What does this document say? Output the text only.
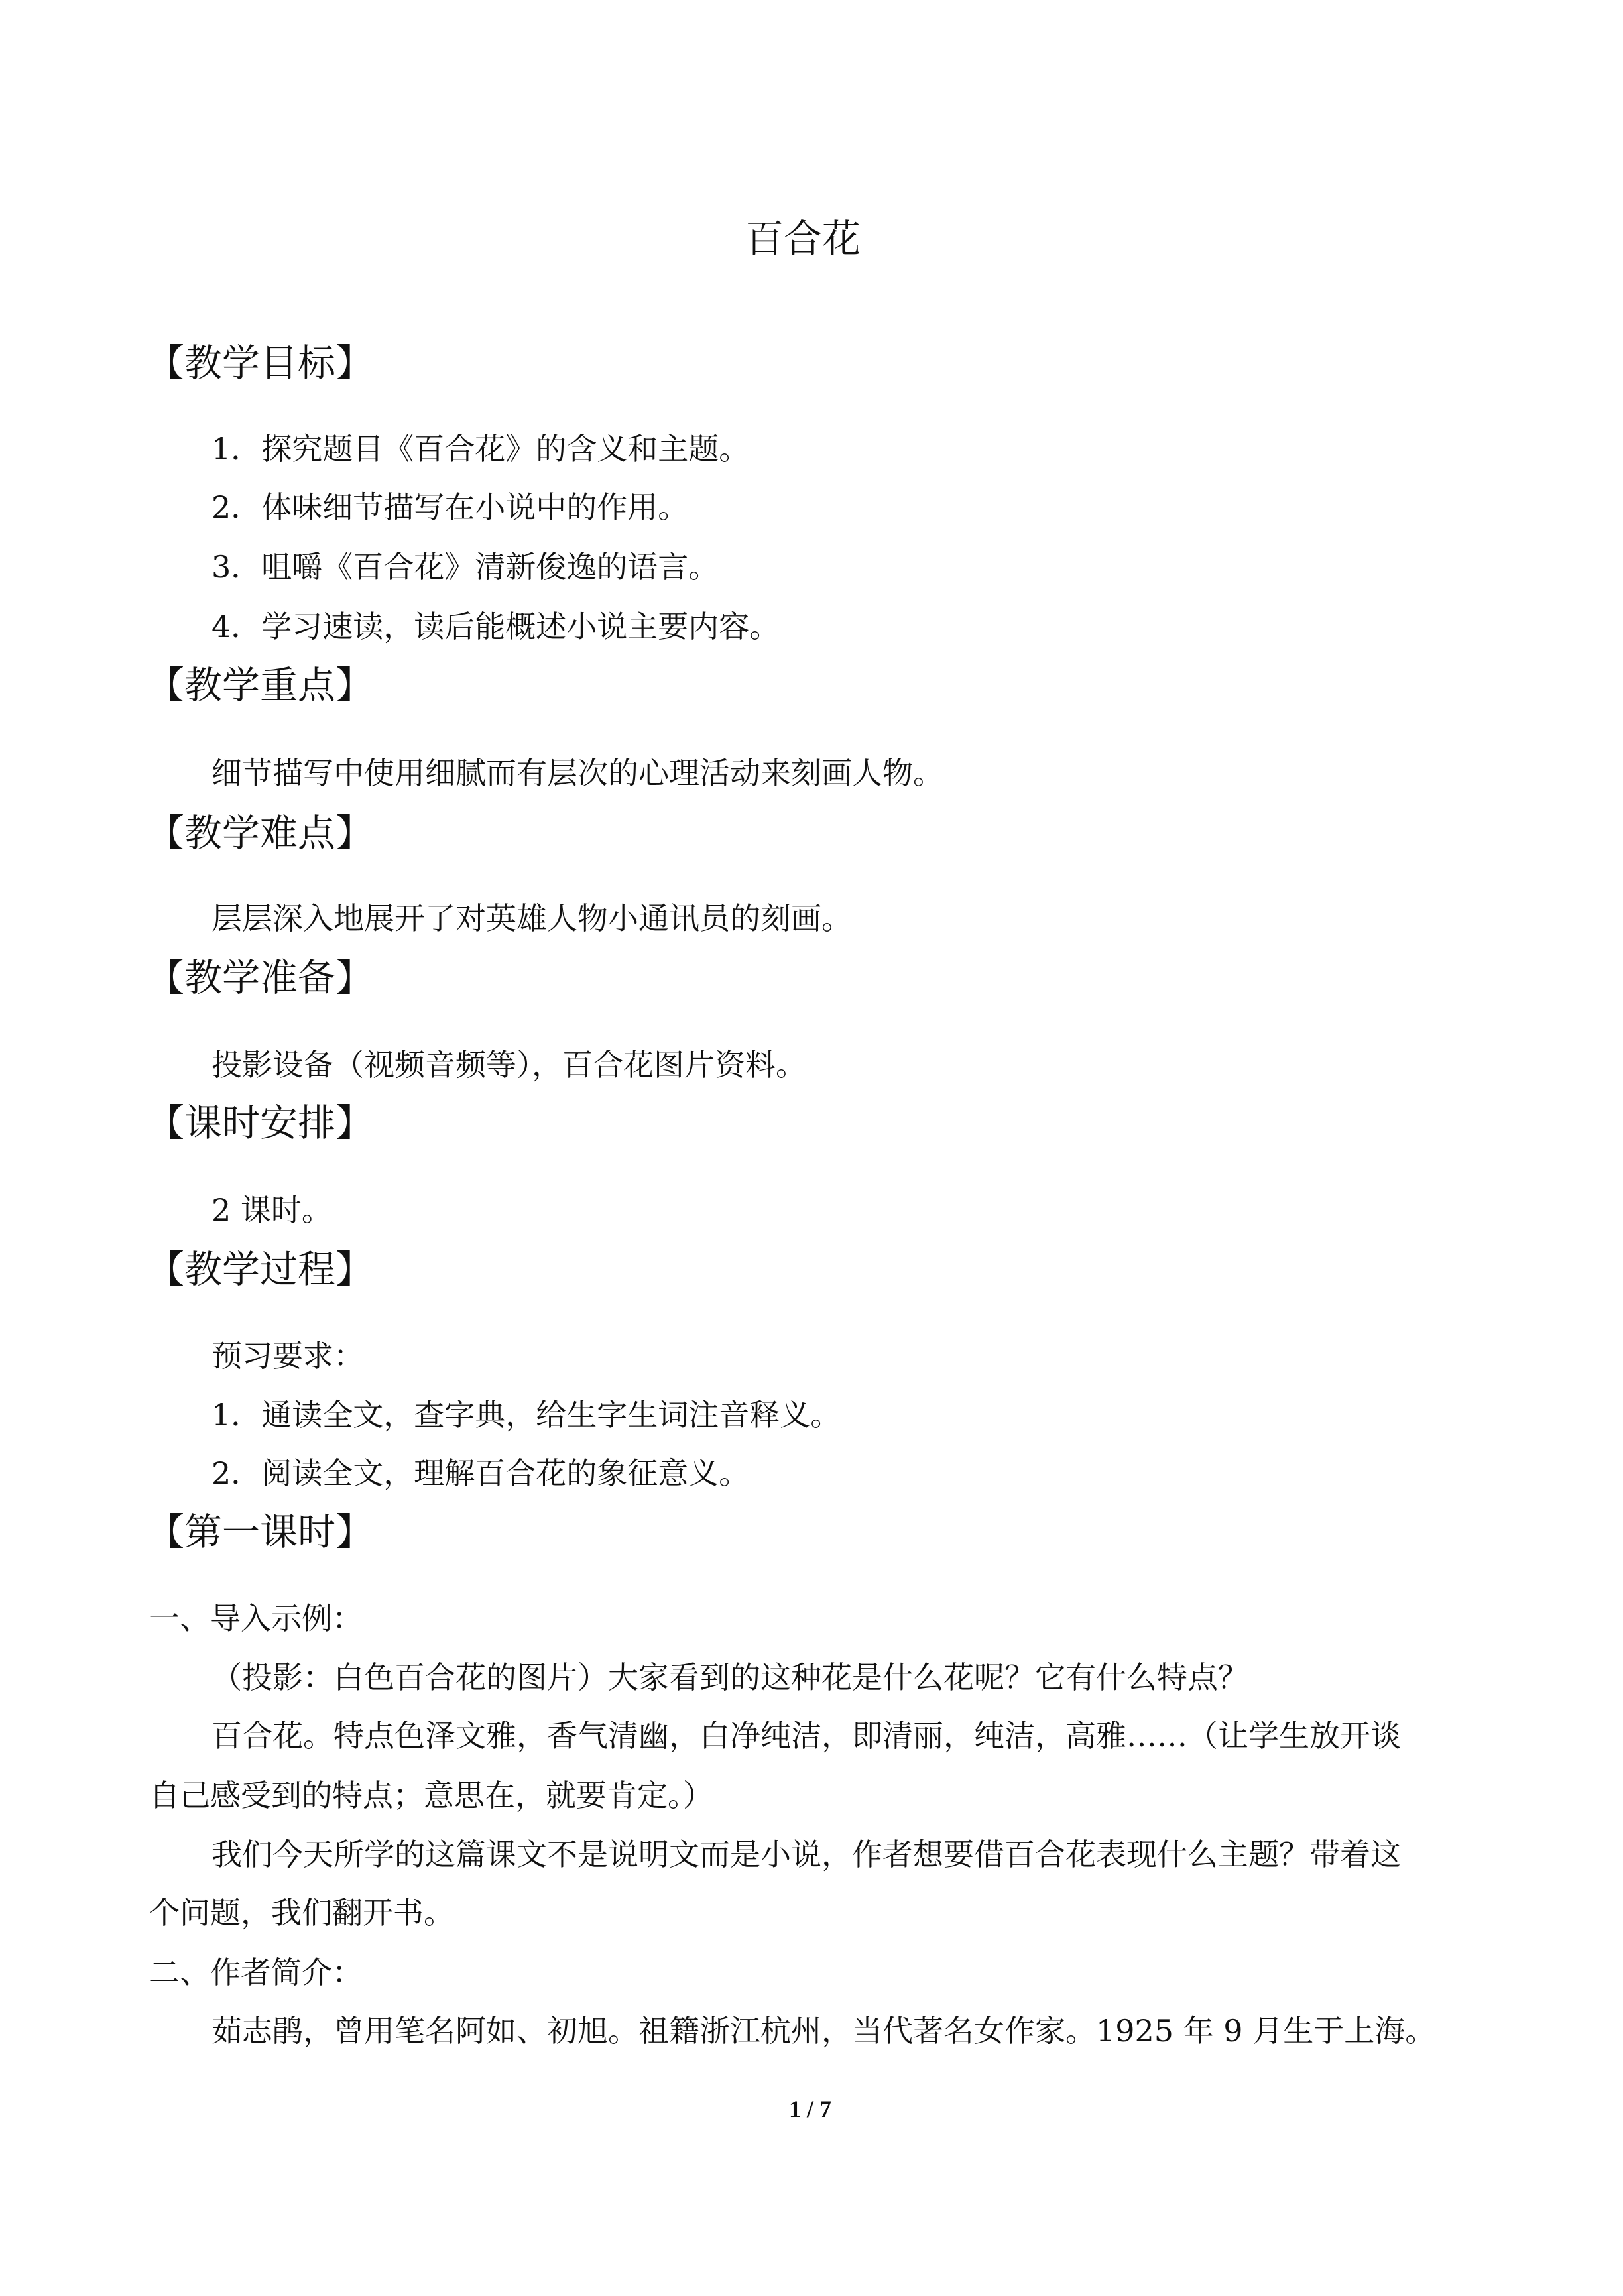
百合花
【教学目标】
1．探究题目《百合花》的含义和主题。
2．体味细节描写在小说中的作用。
3．咀嚼《百合花》清新俊逸的语言。
4．学习速读，读后能概述小说主要内容。
【教学重点】
细节描写中使用细腻而有层次的心理活动来刻画人物。
【教学难点】
层层深入地展开了对英雄人物小通讯员的刻画。
【教学准备】
投影设备（视频音频等），百合花图片资料。
【课时安排】
2 课时。
【教学过程】
预习要求：
1．通读全文，查字典，给生字生词注音释义。
2．阅读全文，理解百合花的象征意义。
【第一课时】
一、导入示例：
（投影：白色百合花的图片）大家看到的这种花是什么花呢？它有什么特点？
百合花。特点色泽文雅，香气清幽，白净纯洁，即清丽，纯洁，高雅……（让学生放开谈
自己感受到的特点；意思在，就要肯定。）
我们今天所学的这篇课文不是说明文而是小说，作者想要借百合花表现什么主题？带着这
个问题，我们翻开书。
二、作者简介：
茹志鹃，曾用笔名阿如、初旭。祖籍浙江杭州，当代著名女作家。1925 年 9 月生于上海。
1 / 7
